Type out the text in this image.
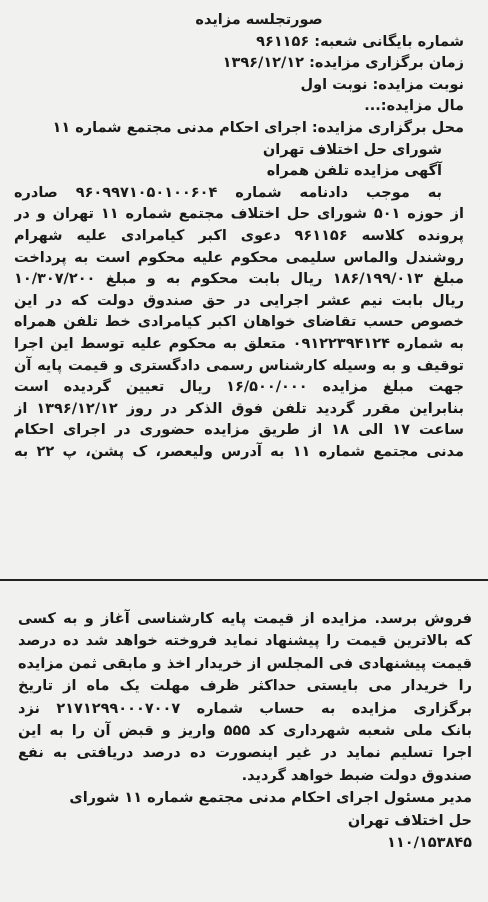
صورتجلسه مزایده
شماره بایگانی شعبه: ۹۶۱۱۵۶
زمان برگزاری مزایده: ۱۳۹۶/۱۲/۱۲
نوبت مزایده: نوبت اول
مال مزایده:...
محل برگزاری مزایده: اجرای احکام مدنی مجتمع شماره ۱۱
شورای حل اختلاف تهران
آگهی مزایده تلفن همراه
به موجب دادنامه شماره ۹۶۰۹۹۷۱۰۵۰۱۰۰۶۰۴ صادره
از حوزه ۵۰۱ شورای حل اختلاف مجتمع شماره ۱۱ تهران و در
پرونده کلاسه ۹۶۱۱۵۶ دعوی اکبر کیامرادی علیه شهرام
روشندل والماس سلیمی محکوم علیه محکوم است به پرداخت
مبلغ ۱۸۶/۱۹۹/۰۱۳ ریال بابت محکوم به و مبلغ ۱۰/۳۰۷/۲۰۰
ریال بابت نیم عشر اجرایی در حق صندوق دولت که در این
خصوص حسب تقاضای خواهان اکبر کیامرادی خط تلفن همراه
به شماره ۰۹۱۲۲۳۹۴۱۲۴ متعلق به محکوم علیه توسط این اجرا
توقیف و به وسیله کارشناس رسمی دادگستری و قیمت پایه آن
جهت مبلغ مزایده ۱۶/۵۰۰/۰۰۰ ریال تعیین گردیده است
بنابراین مقرر گردید تلفن فوق الذکر در روز ۱۳۹۶/۱۲/۱۲ از
ساعت ۱۷ الی ۱۸ از طریق مزایده حضوری در اجرای احکام
مدنی مجتمع شماره ۱۱ به آدرس ولیعصر، ک پشن، پ ۲۲ به
فروش برسد. مزایده از قیمت پایه کارشناسی آغاز و به کسی
که بالاترین قیمت را پیشنهاد نماید فروخته خواهد شد ده درصد
قیمت پیشنهادی فی المجلس از خریدار اخذ و مابقی ثمن مزایده
را خریدار می بایستی حداکثر ظرف مهلت یک ماه از تاریخ
برگزاری مزایده به حساب شماره ۲۱۷۱۲۹۹۰۰۰۷۰۰۷ نزد
بانک ملی شعبه شهرداری کد ۵۵۵ واریز و قبض آن را به این
اجرا تسلیم نماید در غیر اینصورت ده درصد دریافتی به نفع
صندوق دولت ضبط خواهد گردید.
مدیر مسئول اجرای احکام مدنی مجتمع شماره ۱۱ شورای
حل اختلاف تهران
۱۱۰/۱۵۳۸۴۵
